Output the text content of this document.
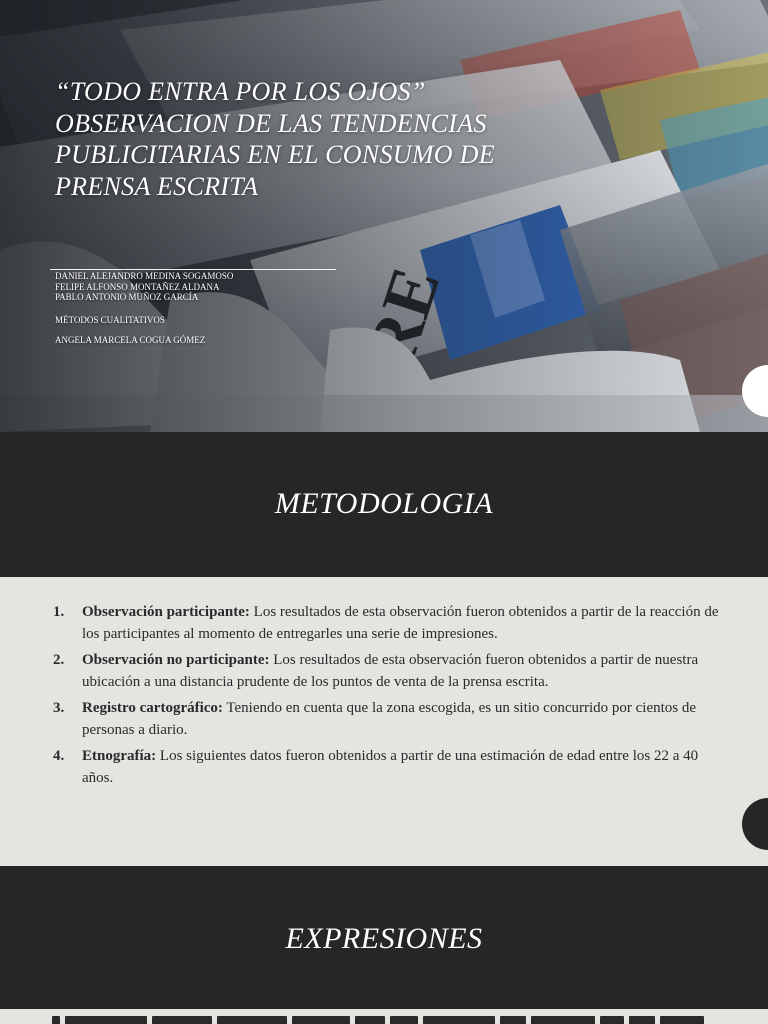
“TODO ENTRA POR LOS OJOS” OBSERVACION DE LAS TENDENCIAS PUBLICITARIAS EN EL CONSUMO DE PRENSA ESCRITA
DANIEL ALEJANDRO MEDINA SOGAMOSO
FELIPE ALFONSO MONTAÑEZ ALDANA
PABLO ANTONIO MUÑOZ GARCÍA
MÉTODOS CUALITATIVOS
ANGELA MARCELA COGUA GÓMEZ
METODOLOGIA
1. Observación participante: Los resultados de esta observación fueron obtenidos a partir de la reacción de los participantes al momento de entregarles una serie de impresiones.
2. Observación no participante: Los resultados de esta observación fueron obtenidos a partir de nuestra ubicación a una distancia prudente de los puntos de venta de la prensa escrita.
3. Registro cartográfico: Teniendo en cuenta que la zona escogida, es un sitio concurrido por cientos de personas a diario.
4. Etnografía: Los siguientes datos fueron obtenidos a partir de una estimación de edad entre los 22 a 40 años.
EXPRESIONES
